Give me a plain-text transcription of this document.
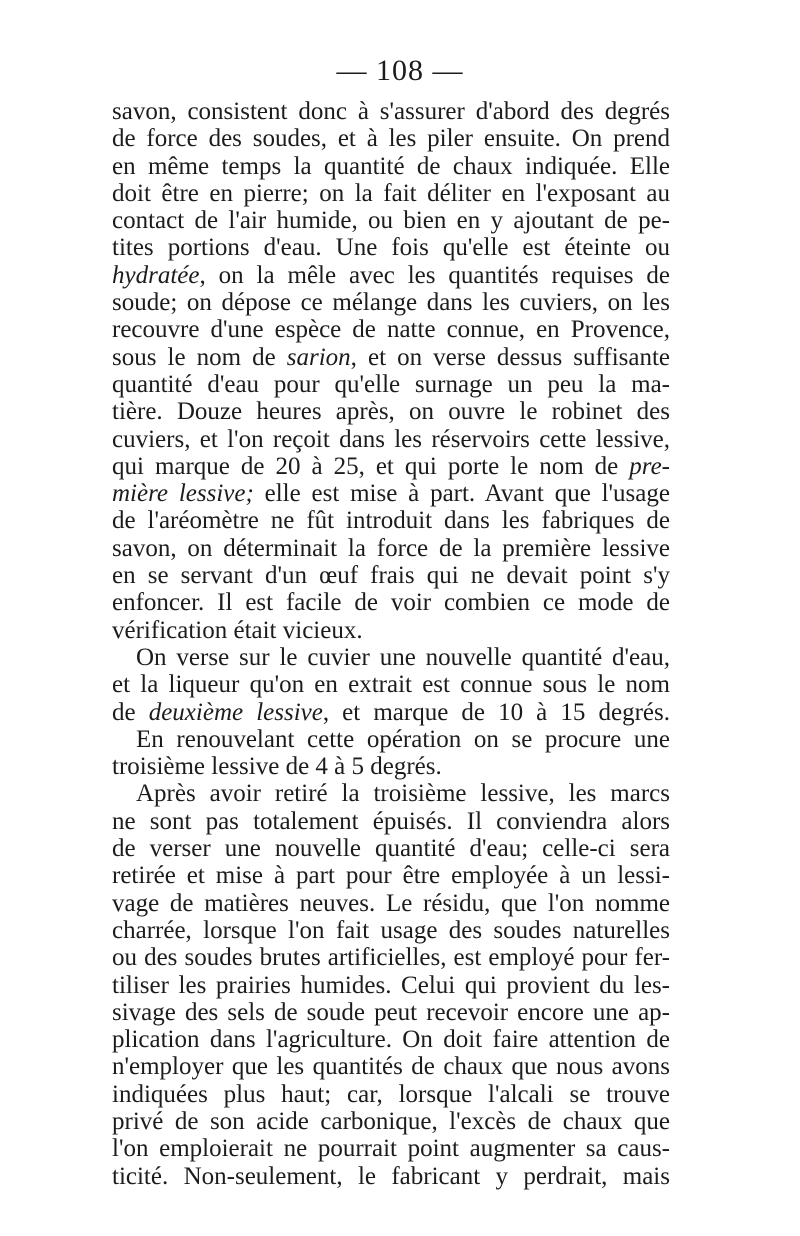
— 108 —
savon, consistent donc à s'assurer d'abord des degrés
de force des soudes, et à les piler ensuite. On prend
en même temps la quantité de chaux indiquée. Elle
doit être en pierre; on la fait déliter en l'exposant au
contact de l'air humide, ou bien en y ajoutant de pe-
tites portions d'eau. Une fois qu'elle est éteinte ou
hydratée, on la mêle avec les quantités requises de
soude; on dépose ce mélange dans les cuviers, on les
recouvre d'une espèce de natte connue, en Provence,
sous le nom de sarion, et on verse dessus suffisante
quantité d'eau pour qu'elle surnage un peu la ma-
tière. Douze heures après, on ouvre le robinet des
cuviers, et l'on reçoit dans les réservoirs cette lessive,
qui marque de 20 à 25, et qui porte le nom de pre-
mière lessive; elle est mise à part. Avant que l'usage
de l'aréomètre ne fût introduit dans les fabriques de
savon, on déterminait la force de la première lessive
en se servant d'un œuf frais qui ne devait point s'y
enfoncer. Il est facile de voir combien ce mode de
vérification était vicieux.
On verse sur le cuvier une nouvelle quantité d'eau,
et la liqueur qu'on en extrait est connue sous le nom
de deuxième lessive, et marque de 10 à 15 degrés.
En renouvelant cette opération on se procure une
troisième lessive de 4 à 5 degrés.
Après avoir retiré la troisième lessive, les marcs
ne sont pas totalement épuisés. Il conviendra alors
de verser une nouvelle quantité d'eau; celle-ci sera
retirée et mise à part pour être employée à un lessi-
vage de matières neuves. Le résidu, que l'on nomme
charrée, lorsque l'on fait usage des soudes naturelles
ou des soudes brutes artificielles, est employé pour fer-
tiliser les prairies humides. Celui qui provient du les-
sivage des sels de soude peut recevoir encore une ap-
plication dans l'agriculture. On doit faire attention de
n'employer que les quantités de chaux que nous avons
indiquées plus haut; car, lorsque l'alcali se trouve
privé de son acide carbonique, l'excès de chaux que
l'on emploierait ne pourrait point augmenter sa caus-
ticité. Non-seulement, le fabricant y perdrait, mais
